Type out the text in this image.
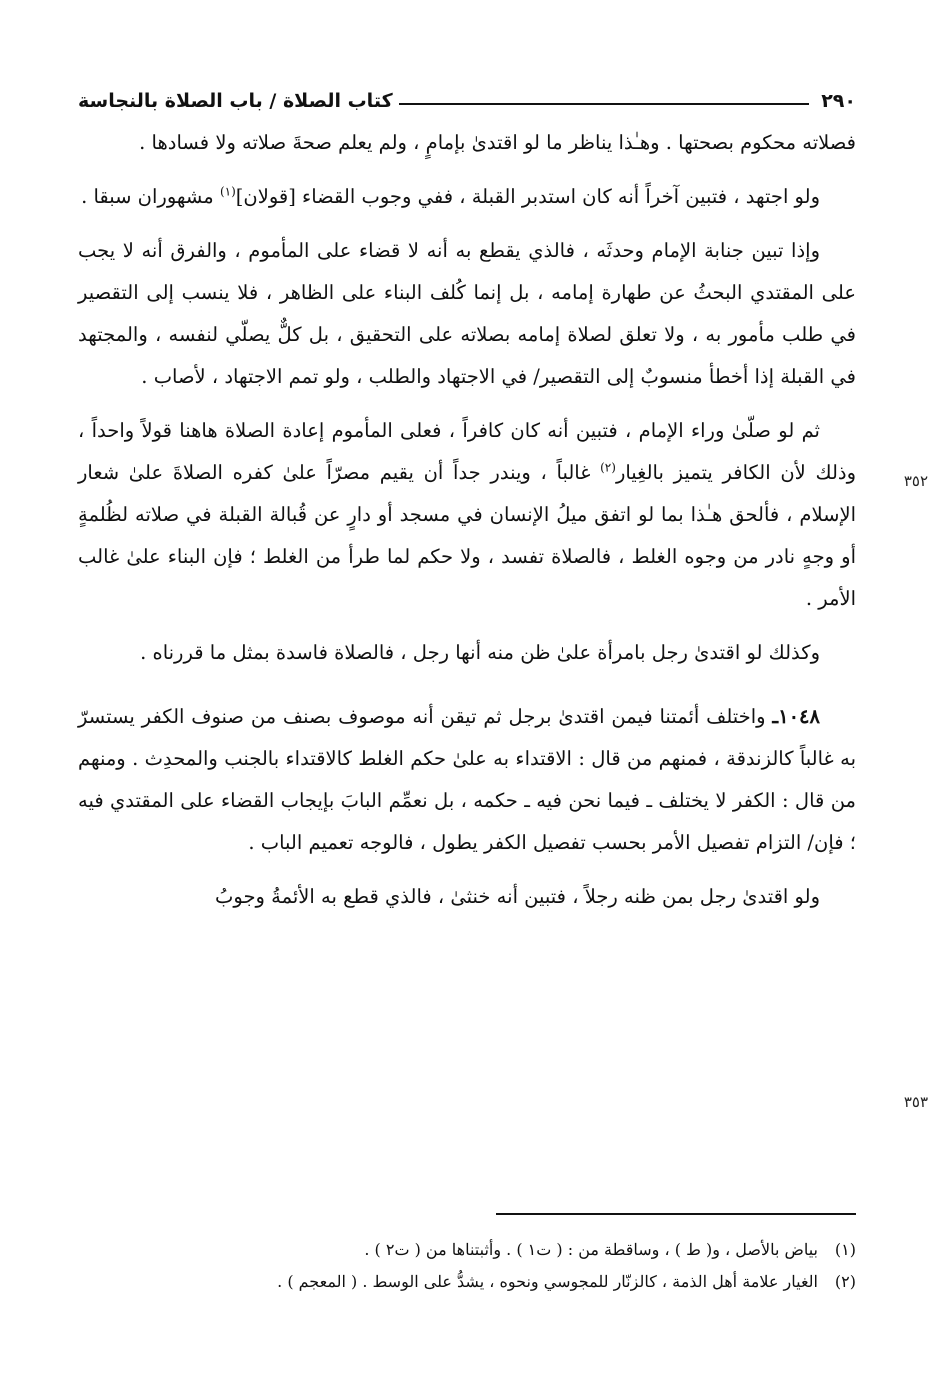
٢٩٠
كتاب الصلاة / باب الصلاة بالنجاسة

فصلاته محكوم بصحتها . وهـٰذا يناظر ما لو اقتدىٰ بإمامٍ ، ولم يعلم صحةَ صلاته ولا فسادها .

ولو اجتهد ، فتبين آخراً أنه كان استدبر القبلة ، ففي وجوب القضاء [قولان]$^{(١)}$ مشهوران سبقا .

وإذا تبين جنابة الإمام وحدثَه ، فالذي يقطع به أنه لا قضاء على المأموم ، والفرق أنه لا يجب على المقتدي البحثُ عن طهارة إمامه ، بل إنما كُلف البناء على الظاهر ، فلا ينسب إلى التقصير في طلب مأمور به ، ولا تعلق لصلاة إمامه بصلاته على التحقيق ، بل كلٌّ يصلّي لنفسه ، والمجتهد في القبلة إذا أخطأ منسوبٌ إلى التقصير/ في الاجتهاد والطلب ، ولو تمم الاجتهاد ، لأصاب .

ثم لو صلّىٰ وراء الإمام ، فتبين أنه كان كافراً ، فعلى المأموم إعادة الصلاة هاهنا قولاً واحداً ، وذلك لأن الكافر يتميز بالغِيار$^{(٢)}$ غالباً ، ويندر جداً أن يقيم مصرّاً علىٰ كفره الصلاةَ علىٰ شعار الإسلام ، فألحق هـٰذا بما لو اتفق ميلُ الإنسان في مسجد أو دارٍ عن قُبالة القبلة في صلاته لظُلمةٍ أو وجهٍ نادر من وجوه الغلط ، فالصلاة تفسد ، ولا حكم لما طرأ من الغلط ؛ فإن البناء علىٰ غالب الأمر .

وكذلك لو اقتدىٰ رجل بامرأة علىٰ ظن منه أنها رجل ، فالصلاة فاسدة بمثل ما قررناه .

١٠٤٨ـ واختلف أئمتنا فيمن اقتدىٰ برجل ثم تيقن أنه موصوف بصنف من صنوف الكفر يستسرّ به غالباً كالزندقة ، فمنهم من قال : الاقتداء به علىٰ حكم الغلط كالاقتداء بالجنب والمحدِث . ومنهم من قال : الكفر لا يختلف ـ فيما نحن فيه ـ حكمه ، بل نعمِّم البابَ بإيجاب القضاء على المقتدي فيه ؛ فإن/ التزام تفصيل الأمر بحسب تفصيل الكفر يطول ، فالوجه تعميم الباب .

ولو اقتدىٰ رجل بمن ظنه رجلاً ، فتبين أنه خنثىٰ ، فالذي قطع به الأئمةُ وجوبُ

٣٥٢
٣٥٣
(١)
بياض بالأصل ، و( ط ) ، وساقطة من : ( ت١ ) . وأثبتناها من ( ت٢ ) .
(٢)
الغيار علامة أهل الذمة ، كالزنّار للمجوسي ونحوه ، يشدُّ على الوسط . ( المعجم ) .
